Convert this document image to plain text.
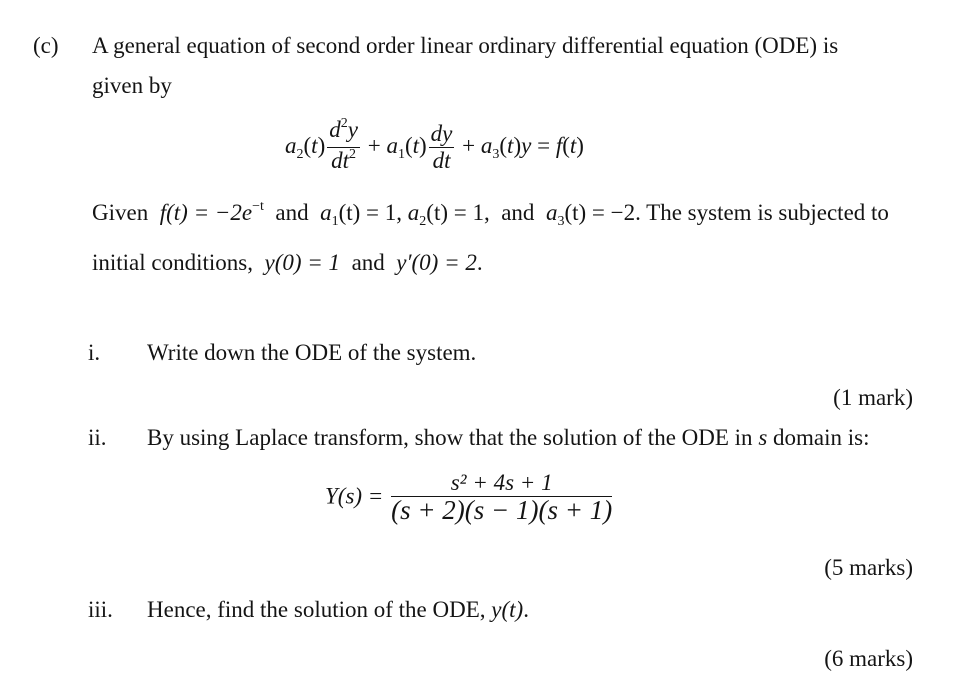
(c) A general equation of second order linear ordinary differential equation (ODE) is
given by
$a_2(t) \frac{d^2y}{dt^2} + a_1(t) \frac{dy}{dt} + a_3(t)y = f(t)$
Given $f(t) = -2e^{-t}$ and $a_1(t) = 1$, $a_2(t) = 1$, and $a_3(t) = -2$. The system is subjected to
initial conditions, y(0) = 1 and y′(0) = 2.
i. Write down the ODE of the system.
(1 mark)
ii. By using Laplace transform, show that the solution of the ODE in s domain is:
$Y(s) = \frac{\text{s² + 4s + 1}}{(s + 2)(s - 1)(s + 1)}$
(5 marks)
iii. Hence, find the solution of the ODE, y(t).
(6 marks)
